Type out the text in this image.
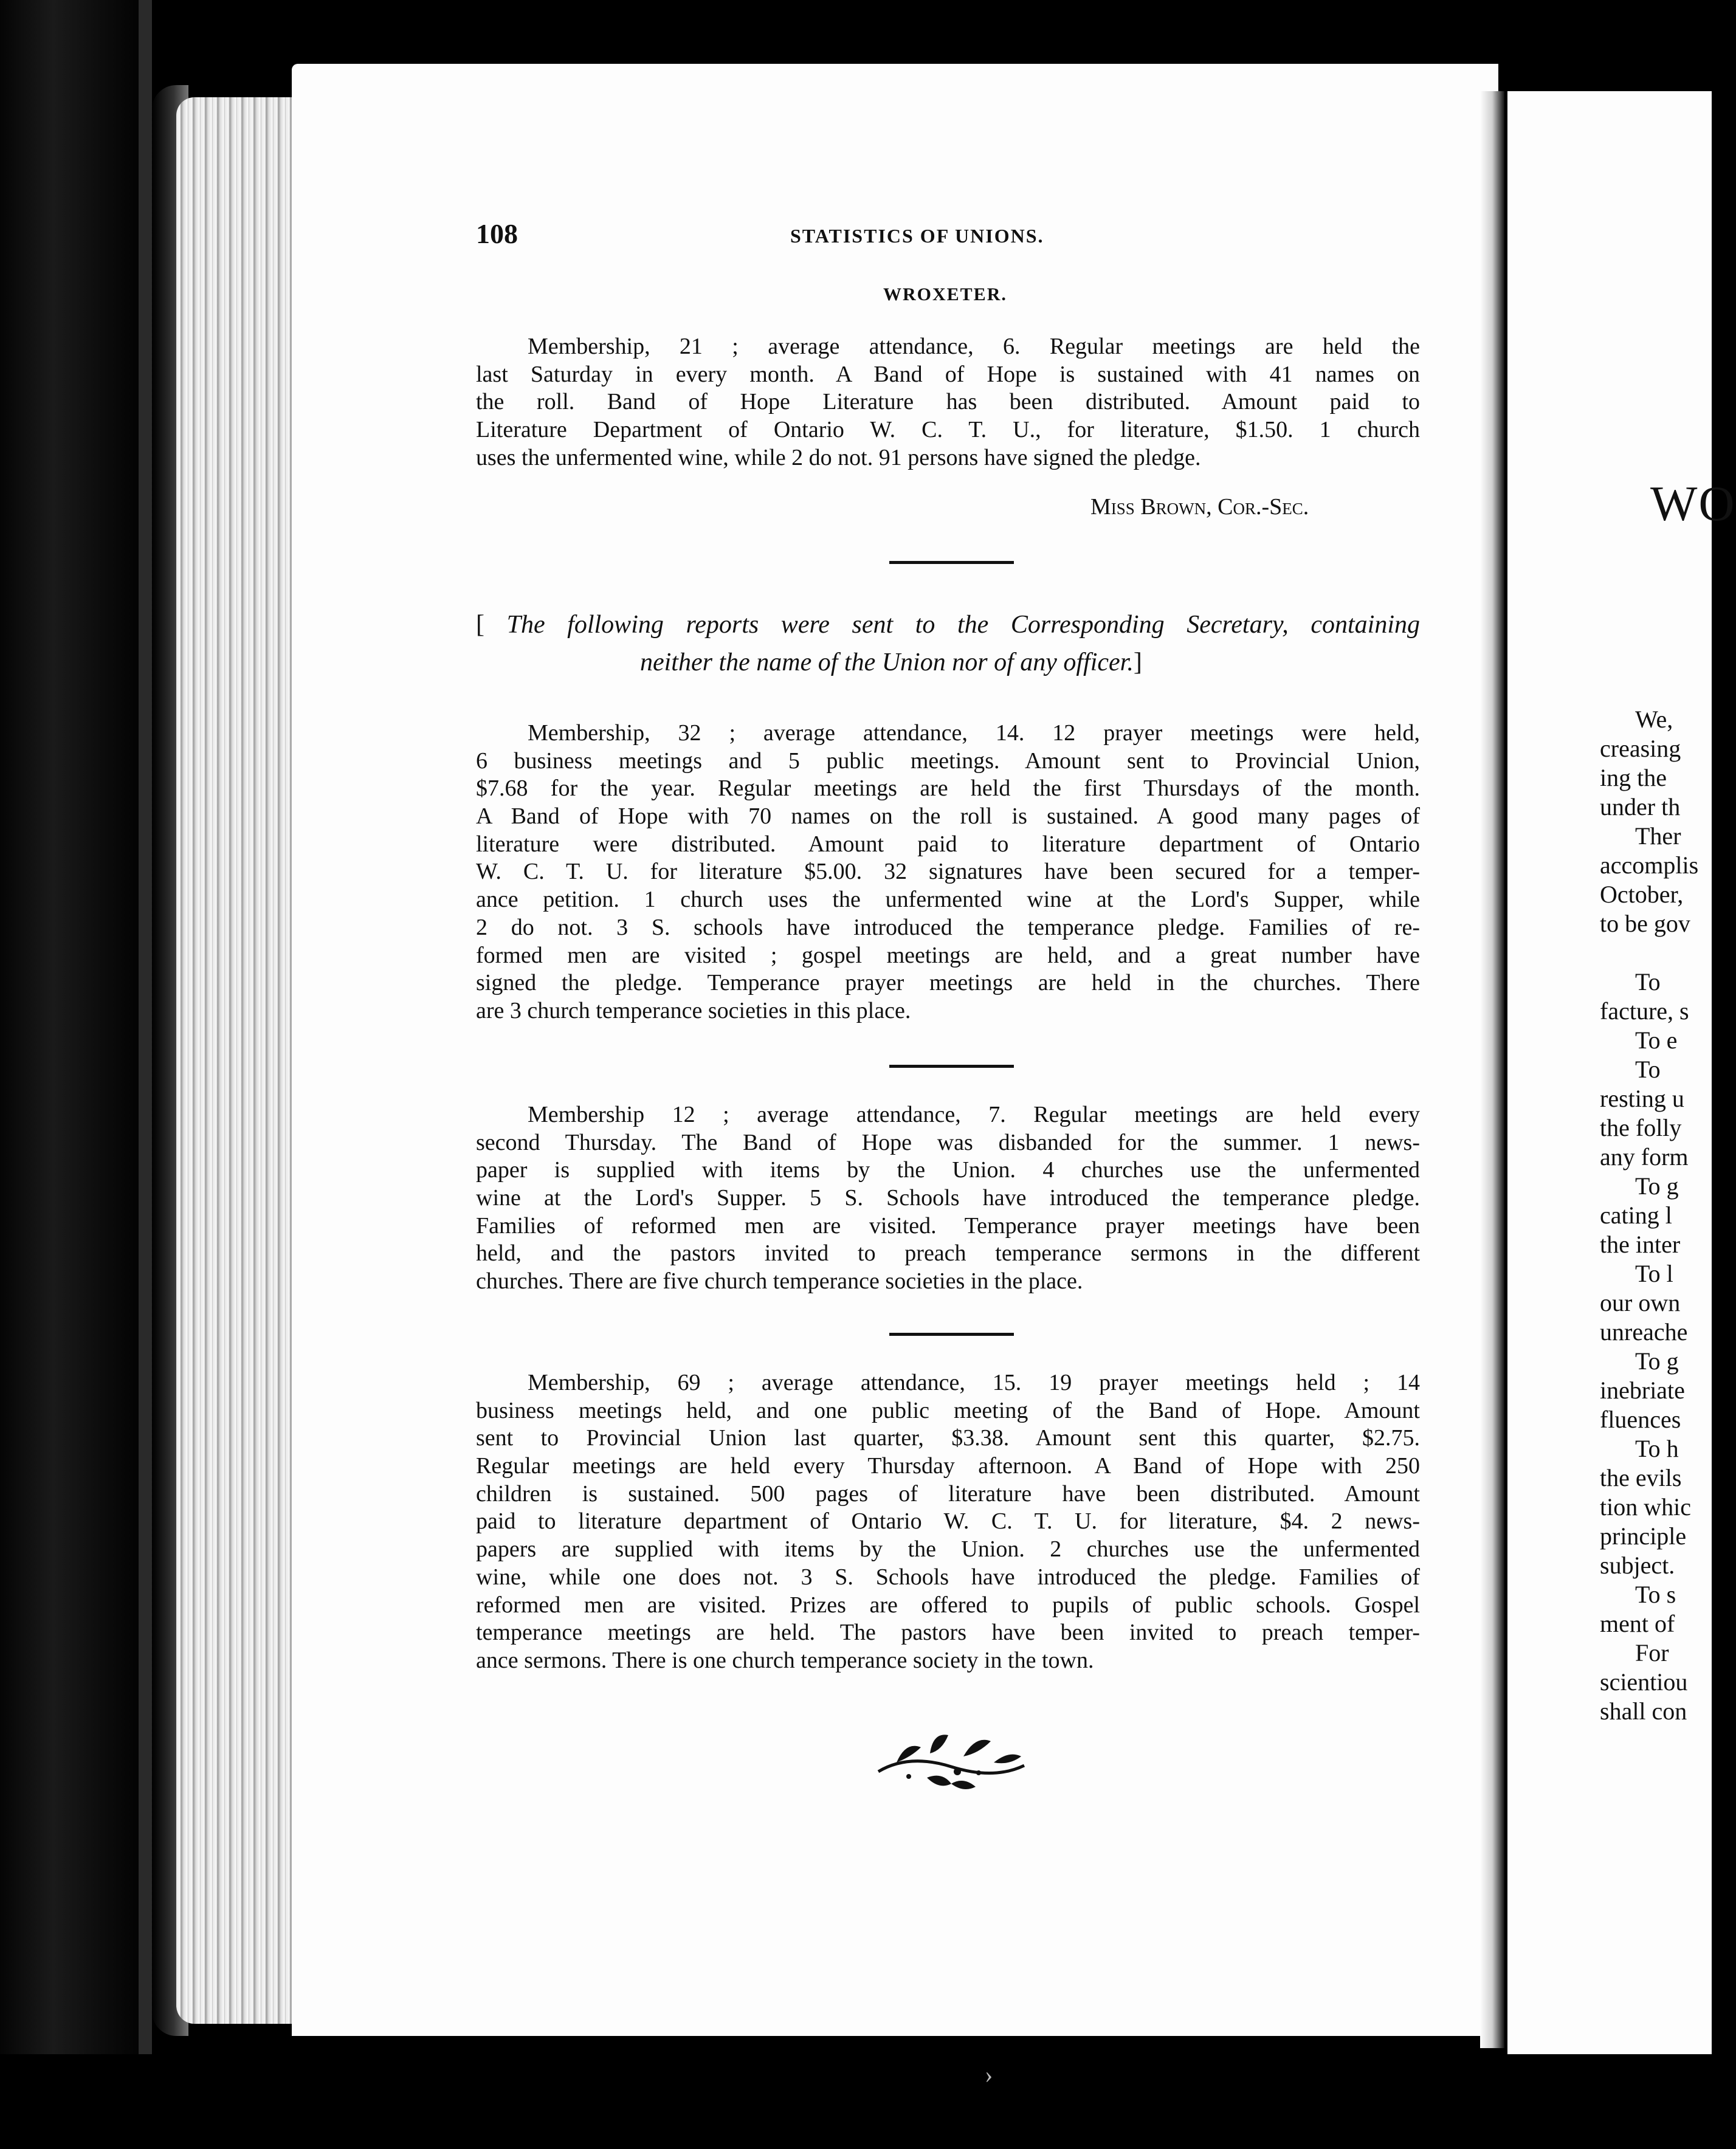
WO
We,
creasing
ing the
under th
Ther
accomplis
October,
to be gov
To
facture, s
To e
To
resting u
the folly
any form
To g
cating l
the inter
To l
our own
unreache
To g
inebriate
fluences
To h
the evils
tion whic
principle
subject.
To s
ment of
For
scientiou
shall con
›
108	STATISTICS OF UNIONS.
WROXETER.
Membership, 21 ; average attendance, 6. Regular meetings are held the
last Saturday in every month. A Band of Hope is sustained with 41 names on
the roll. Band of Hope Literature has been distributed. Amount paid to
Literature Department of Ontario W. C. T. U., for literature, $1.50. 1 church
uses the unfermented wine, while 2 do not. 91 persons have signed the pledge.
Miss Brown, Cor.-Sec.
[ The following reports were sent to the Corresponding Secretary, containing
neither the name of the Union nor of any officer.]
Membership, 32 ; average attendance, 14. 12 prayer meetings were held,
6 business meetings and 5 public meetings. Amount sent to Provincial Union,
$7.68 for the year. Regular meetings are held the first Thursdays of the month.
A Band of Hope with 70 names on the roll is sustained. A good many pages of
literature were distributed. Amount paid to literature department of Ontario
W. C. T. U. for literature $5.00. 32 signatures have been secured for a temper-
ance petition. 1 church uses the unfermented wine at the Lord's Supper, while
2 do not. 3 S. schools have introduced the temperance pledge. Families of re-
formed men are visited ; gospel meetings are held, and a great number have
signed the pledge. Temperance prayer meetings are held in the churches. There
are 3 church temperance societies in this place.
Membership 12 ; average attendance, 7. Regular meetings are held every
second Thursday. The Band of Hope was disbanded for the summer. 1 news-
paper is supplied with items by the Union. 4 churches use the unfermented
wine at the Lord's Supper. 5 S. Schools have introduced the temperance pledge.
Families of reformed men are visited. Temperance prayer meetings have been
held, and the pastors invited to preach temperance sermons in the different
churches. There are five church temperance societies in the place.
Membership, 69 ; average attendance, 15. 19 prayer meetings held ; 14
business meetings held, and one public meeting of the Band of Hope. Amount
sent to Provincial Union last quarter, $3.38. Amount sent this quarter, $2.75.
Regular meetings are held every Thursday afternoon. A Band of Hope with 250
children is sustained. 500 pages of literature have been distributed. Amount
paid to literature department of Ontario W. C. T. U. for literature, $4. 2 news-
papers are supplied with items by the Union. 2 churches use the unfermented
wine, while one does not. 3 S. Schools have introduced the pledge. Families of
reformed men are visited. Prizes are offered to pupils of public schools. Gospel
temperance meetings are held. The pastors have been invited to preach temper-
ance sermons. There is one church temperance society in the town.
